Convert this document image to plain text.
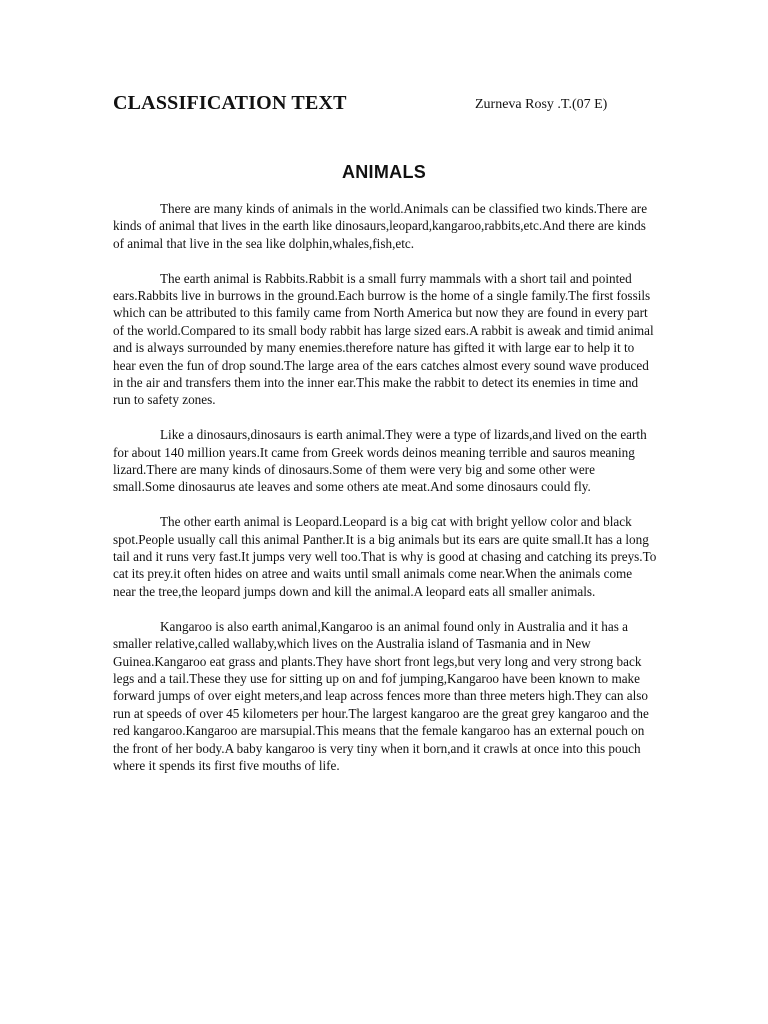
CLASSIFICATION TEXT	Zurneva Rosy .T.(07 E)
ANIMALS

There are many kinds of animals in the world.Animals can be classified two kinds.There are kinds of animal that lives in the earth like dinosaurs,leopard,kangaroo,rabbits,etc.And there are kinds of animal that live in the sea like dolphin,whales,fish,etc.

The earth animal is Rabbits.Rabbit is a small furry mammals with a short tail and pointed ears.Rabbits live in burrows in the ground.Each burrow is the home of a single family.The first fossils which can be attributed to this family came from North America but now they are found in every part of the world.Compared to its small body rabbit has large sized ears.A rabbit is aweak and timid animal and is always surrounded by many enemies.therefore nature has gifted it with large ear to help it to hear even the fun of drop sound.The large area of the ears catches almost every sound wave produced in the air and transfers them into the inner ear.This make the rabbit to detect its enemies in time and run to safety zones.

Like a dinosaurs,dinosaurs is earth animal.They were a type of lizards,and lived on the earth for about 140 million years.It came from Greek words deinos meaning terrible and sauros meaning lizard.There are many kinds of dinosaurs.Some of them were very big and some other were small.Some dinosaurus ate leaves and some others ate meat.And some dinosaurs could fly.

The other earth animal is Leopard.Leopard is a big cat with bright yellow color and black spot.People usually call this animal Panther.It is a big animals but its ears are quite small.It has a long tail and it runs very fast.It jumps very well too.That is why is good at chasing and catching its preys.To cat its prey.it often hides on atree and waits until small animals come near.When the animals come near the tree,the leopard jumps down and kill the animal.A leopard eats all smaller animals.

Kangaroo is also earth animal,Kangaroo is an animal found only in Australia and it has a smaller relative,called wallaby,which lives on the Australia island of Tasmania and in New Guinea.Kangaroo eat grass and plants.They have short front legs,but very long and very strong back legs and a tail.These they use for sitting up on and fof jumping,Kangaroo have been known to make forward jumps of over eight meters,and leap across fences more than three meters high.They can also run at speeds of over 45 kilometers per hour.The largest kangaroo are the great grey kangaroo and the red kangaroo.Kangaroo are marsupial.This means that the female kangaroo has an external pouch on the front of her body.A baby kangaroo is very tiny when it born,and it crawls at once into this pouch where it spends its first five mouths of life.
